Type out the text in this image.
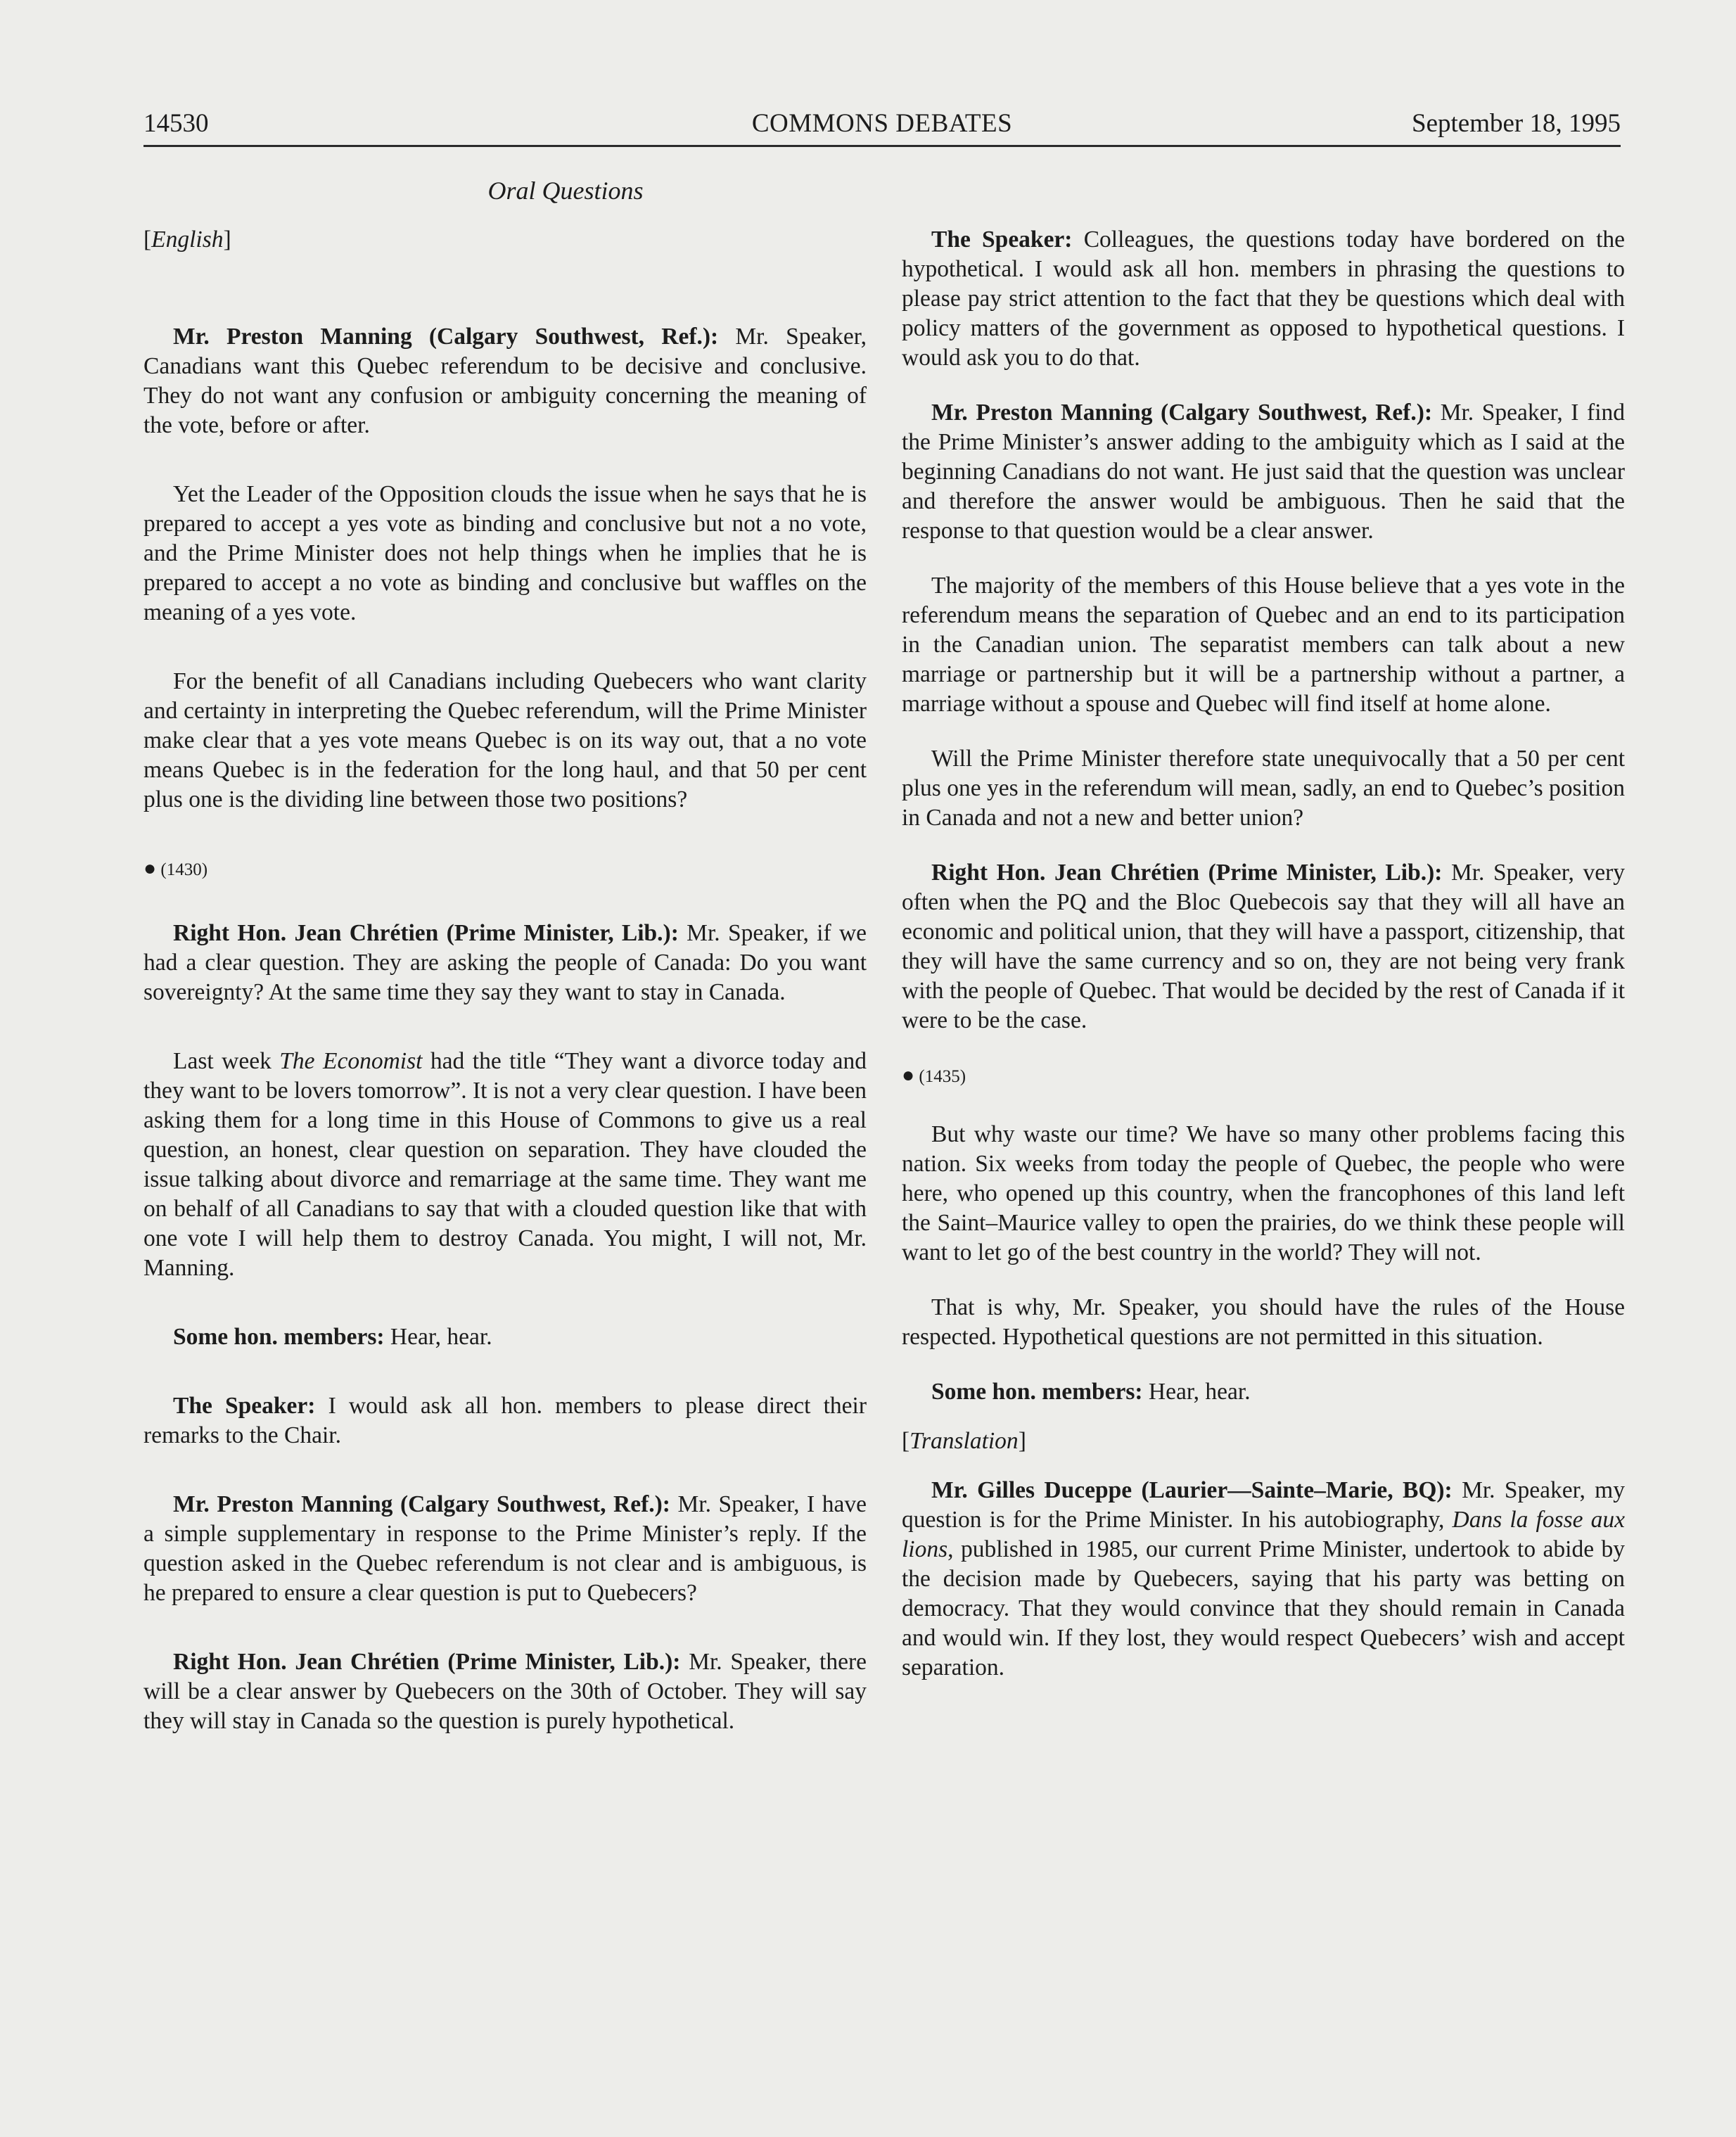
14530	COMMONS DEBATES	September 18, 1995
Oral Questions

[English]

Mr. Preston Manning (Calgary Southwest, Ref.): Mr. Speaker, Canadians want this Quebec referendum to be decisive and conclusive. They do not want any confusion or ambiguity concerning the meaning of the vote, before or after.

Yet the Leader of the Opposition clouds the issue when he says that he is prepared to accept a yes vote as binding and conclusive but not a no vote, and the Prime Minister does not help things when he implies that he is prepared to accept a no vote as binding and conclusive but waffles on the meaning of a yes vote.

For the benefit of all Canadians including Quebecers who want clarity and certainty in interpreting the Quebec referendum, will the Prime Minister make clear that a yes vote means Quebec is on its way out, that a no vote means Quebec is in the federation for the long haul, and that 50 per cent plus one is the dividing line between those two positions?

● (1430)

Right Hon. Jean Chrétien (Prime Minister, Lib.): Mr. Speaker, if we had a clear question. They are asking the people of Canada: Do you want sovereignty? At the same time they say they want to stay in Canada.

Last week The Economist had the title “They want a divorce today and they want to be lovers tomorrow”. It is not a very clear question. I have been asking them for a long time in this House of Commons to give us a real question, an honest, clear question on separation. They have clouded the issue talking about divorce and remarriage at the same time. They want me on behalf of all Canadians to say that with a clouded question like that with one vote I will help them to destroy Canada. You might, I will not, Mr. Manning.

Some hon. members: Hear, hear.

The Speaker: I would ask all hon. members to please direct their remarks to the Chair.

Mr. Preston Manning (Calgary Southwest, Ref.): Mr. Speaker, I have a simple supplementary in response to the Prime Minister’s reply. If the question asked in the Quebec referendum is not clear and is ambiguous, is he prepared to ensure a clear question is put to Quebecers?

Right Hon. Jean Chrétien (Prime Minister, Lib.): Mr. Speaker, there will be a clear answer by Quebecers on the 30th of October. They will say they will stay in Canada so the question is purely hypothetical.

The Speaker: Colleagues, the questions today have bordered on the hypothetical. I would ask all hon. members in phrasing the questions to please pay strict attention to the fact that they be questions which deal with policy matters of the government as opposed to hypothetical questions. I would ask you to do that.

Mr. Preston Manning (Calgary Southwest, Ref.): Mr. Speaker, I find the Prime Minister’s answer adding to the ambiguity which as I said at the beginning Canadians do not want. He just said that the question was unclear and therefore the answer would be ambiguous. Then he said that the response to that question would be a clear answer.

The majority of the members of this House believe that a yes vote in the referendum means the separation of Quebec and an end to its participation in the Canadian union. The separatist members can talk about a new marriage or partnership but it will be a partnership without a partner, a marriage without a spouse and Quebec will find itself at home alone.

Will the Prime Minister therefore state unequivocally that a 50 per cent plus one yes in the referendum will mean, sadly, an end to Quebec’s position in Canada and not a new and better union?

Right Hon. Jean Chrétien (Prime Minister, Lib.): Mr. Speaker, very often when the PQ and the Bloc Quebecois say that they will all have an economic and political union, that they will have a passport, citizenship, that they will have the same currency and so on, they are not being very frank with the people of Quebec. That would be decided by the rest of Canada if it were to be the case.

● (1435)

But why waste our time? We have so many other problems facing this nation. Six weeks from today the people of Quebec, the people who were here, who opened up this country, when the francophones of this land left the Saint–Maurice valley to open the prairies, do we think these people will want to let go of the best country in the world? They will not.

That is why, Mr. Speaker, you should have the rules of the House respected. Hypothetical questions are not permitted in this situation.

Some hon. members: Hear, hear.

[Translation]

Mr. Gilles Duceppe (Laurier—Sainte–Marie, BQ): Mr. Speaker, my question is for the Prime Minister. In his autobiography, Dans la fosse aux lions, published in 1985, our current Prime Minister, undertook to abide by the decision made by Quebecers, saying that his party was betting on democracy. That they would convince that they should remain in Canada and would win. If they lost, they would respect Quebecers’ wish and accept separation.
